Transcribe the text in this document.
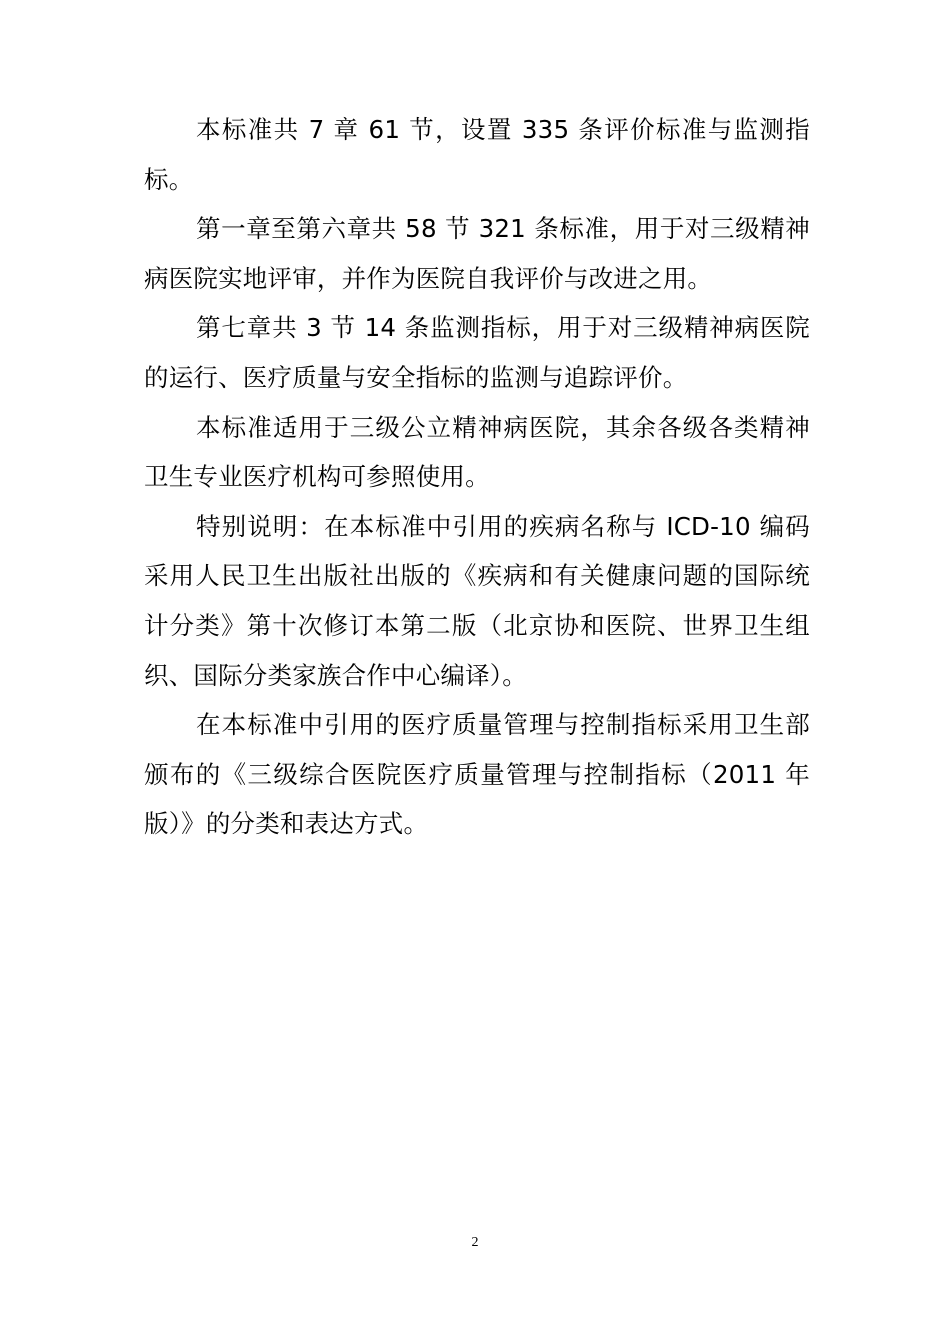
本标准共 7 章 61 节，设置 335 条评价标准与监测指标。

第一章至第六章共 58 节 321 条标准，用于对三级精神病医院实地评审，并作为医院自我评价与改进之用。

第七章共 3 节 14 条监测指标，用于对三级精神病医院的运行、医疗质量与安全指标的监测与追踪评价。

本标准适用于三级公立精神病医院，其余各级各类精神卫生专业医疗机构可参照使用。

特别说明：在本标准中引用的疾病名称与 ICD-10 编码采用人民卫生出版社出版的《疾病和有关健康问题的国际统计分类》第十次修订本第二版（北京协和医院、世界卫生组织、国际分类家族合作中心编译）。

在本标准中引用的医疗质量管理与控制指标采用卫生部颁布的《三级综合医院医疗质量管理与控制指标（2011 年版）》的分类和表达方式。

2
